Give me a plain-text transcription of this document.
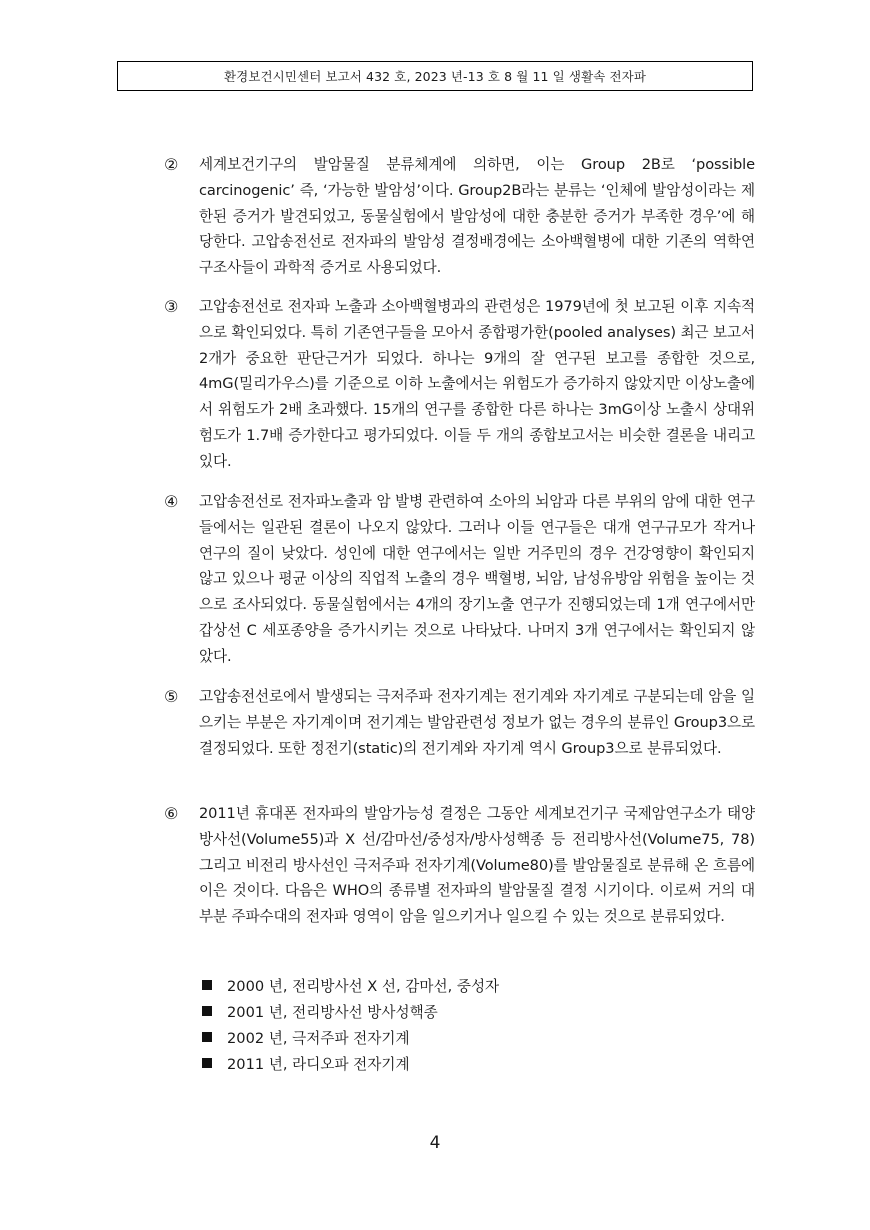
환경보건시민센터 보고서 432 호, 2023 년-13 호 8 월 11 일 생활속 전자파
② 세계보건기구의 발암물질 분류체계에 의하면, 이는 Group 2B로 ‘possible carcinogenic’ 즉, ‘가능한 발암성’이다. Group2B라는 분류는 ‘인체에 발암성이라는 제한된 증거가 발견되었고, 동물실험에서 발암성에 대한 충분한 증거가 부족한 경우’에 해당한다. 고압송전선로 전자파의 발암성 결정배경에는 소아백혈병에 대한 기존의 역학연구조사들이 과학적 증거로 사용되었다.
③ 고압송전선로 전자파 노출과 소아백혈병과의 관련성은 1979년에 첫 보고된 이후 지속적으로 확인되었다. 특히 기존연구들을 모아서 종합평가한(pooled analyses) 최근 보고서 2개가 중요한 판단근거가 되었다. 하나는 9개의 잘 연구된 보고를 종합한 것으로, 4mG(밀리가우스)를 기준으로 이하 노출에서는 위험도가 증가하지 않았지만 이상노출에서 위험도가 2배 초과했다. 15개의 연구를 종합한 다른 하나는 3mG이상 노출시 상대위험도가 1.7배 증가한다고 평가되었다. 이들 두 개의 종합보고서는 비슷한 결론을 내리고 있다.
④ 고압송전선로 전자파노출과 암 발병 관련하여 소아의 뇌암과 다른 부위의 암에 대한 연구들에서는 일관된 결론이 나오지 않았다. 그러나 이들 연구들은 대개 연구규모가 작거나 연구의 질이 낮았다. 성인에 대한 연구에서는 일반 거주민의 경우 건강영향이 확인되지 않고 있으나 평균 이상의 직업적 노출의 경우 백혈병, 뇌암, 남성유방암 위험을 높이는 것으로 조사되었다. 동물실험에서는 4개의 장기노출 연구가 진행되었는데 1개 연구에서만 갑상선 C 세포종양을 증가시키는 것으로 나타났다. 나머지 3개 연구에서는 확인되지 않았다.
⑤ 고압송전선로에서 발생되는 극저주파 전자기계는 전기계와 자기계로 구분되는데 암을 일으키는 부분은 자기계이며 전기계는 발암관련성 정보가 없는 경우의 분류인 Group3으로 결정되었다. 또한 정전기(static)의 전기계와 자기계 역시 Group3으로 분류되었다.
⑥ 2011년 휴대폰 전자파의 발암가능성 결정은 그동안 세계보건기구 국제암연구소가 태양방사선(Volume55)과 X 선/감마선/중성자/방사성핵종 등 전리방사선(Volume75, 78) 그리고 비전리 방사선인 극저주파 전자기계(Volume80)를 발암물질로 분류해 온 흐름에 이은 것이다. 다음은 WHO의 종류별 전자파의 발암물질 결정 시기이다. 이로써 거의 대부분 주파수대의 전자파 영역이 암을 일으키거나 일으킬 수 있는 것으로 분류되었다.
2000 년, 전리방사선 X 선, 감마선, 중성자
2001 년, 전리방사선 방사성핵종
2002 년, 극저주파 전자기계
2011 년, 라디오파 전자기계
4
